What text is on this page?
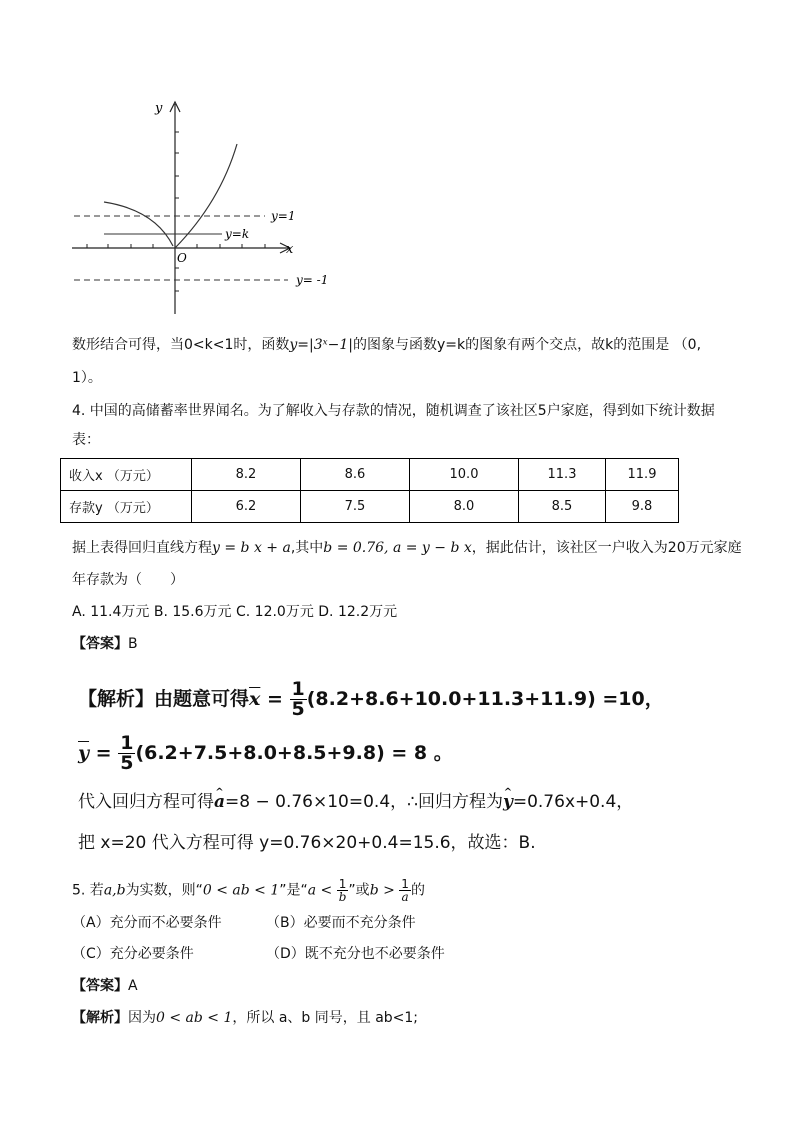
y
x
O
y=1
y=k
y= -1
数形结合可得，当0<k<1时，函数y=|3ˣ−1|的图象与函数y=k的图象有两个交点，故k的范围是 （0,
1）。
4. 中国的高储蓄率世界闻名。为了解收入与存款的情况，随机调查了该社区5户家庭，得到如下统计数据
表：
收入x （万元）	8.2	8.6	10.0	11.3	11.9
存款y （万元）	6.2	7.5	8.0	8.5	9.8
据上表得回归直线方程y = b x + a,其中b = 0.76, a = y − b x，据此估计，该社区一户收入为20万元家庭
年存款为（　　）
A. 11.4万元 B. 15.6万元 C. 12.0万元 D. 12.2万元
【答案】B
【解析】由题意可得$\overline{x} = \frac{1}{5} (8.2+8.6+10.0+11.3+11.9) =10$，
$\overline{y} = \frac{1}{5} (6.2+7.5+8.0+8.5+9.8) = 8$ 。
代入回归方程可得^ a=8 − 0.76×10=0.4，∴回归方程为^ y=0.76x+0.4，
把 x=20 代入方程可得 y=0.76×20+0.4=15.6，故选：B.
5. 若a,b为实数，则“0 < ab < 1”是“$a < \frac{1}{b}$ ”或$b > \frac{1}{a}$ 的
（A）充分而不必要条件	（B）必要而不充分条件
（C）充分必要条件	（D）既不充分也不必要条件
【答案】A
【解析】因为0 < ab < 1，所以 a、b 同号，且 ab<1;
